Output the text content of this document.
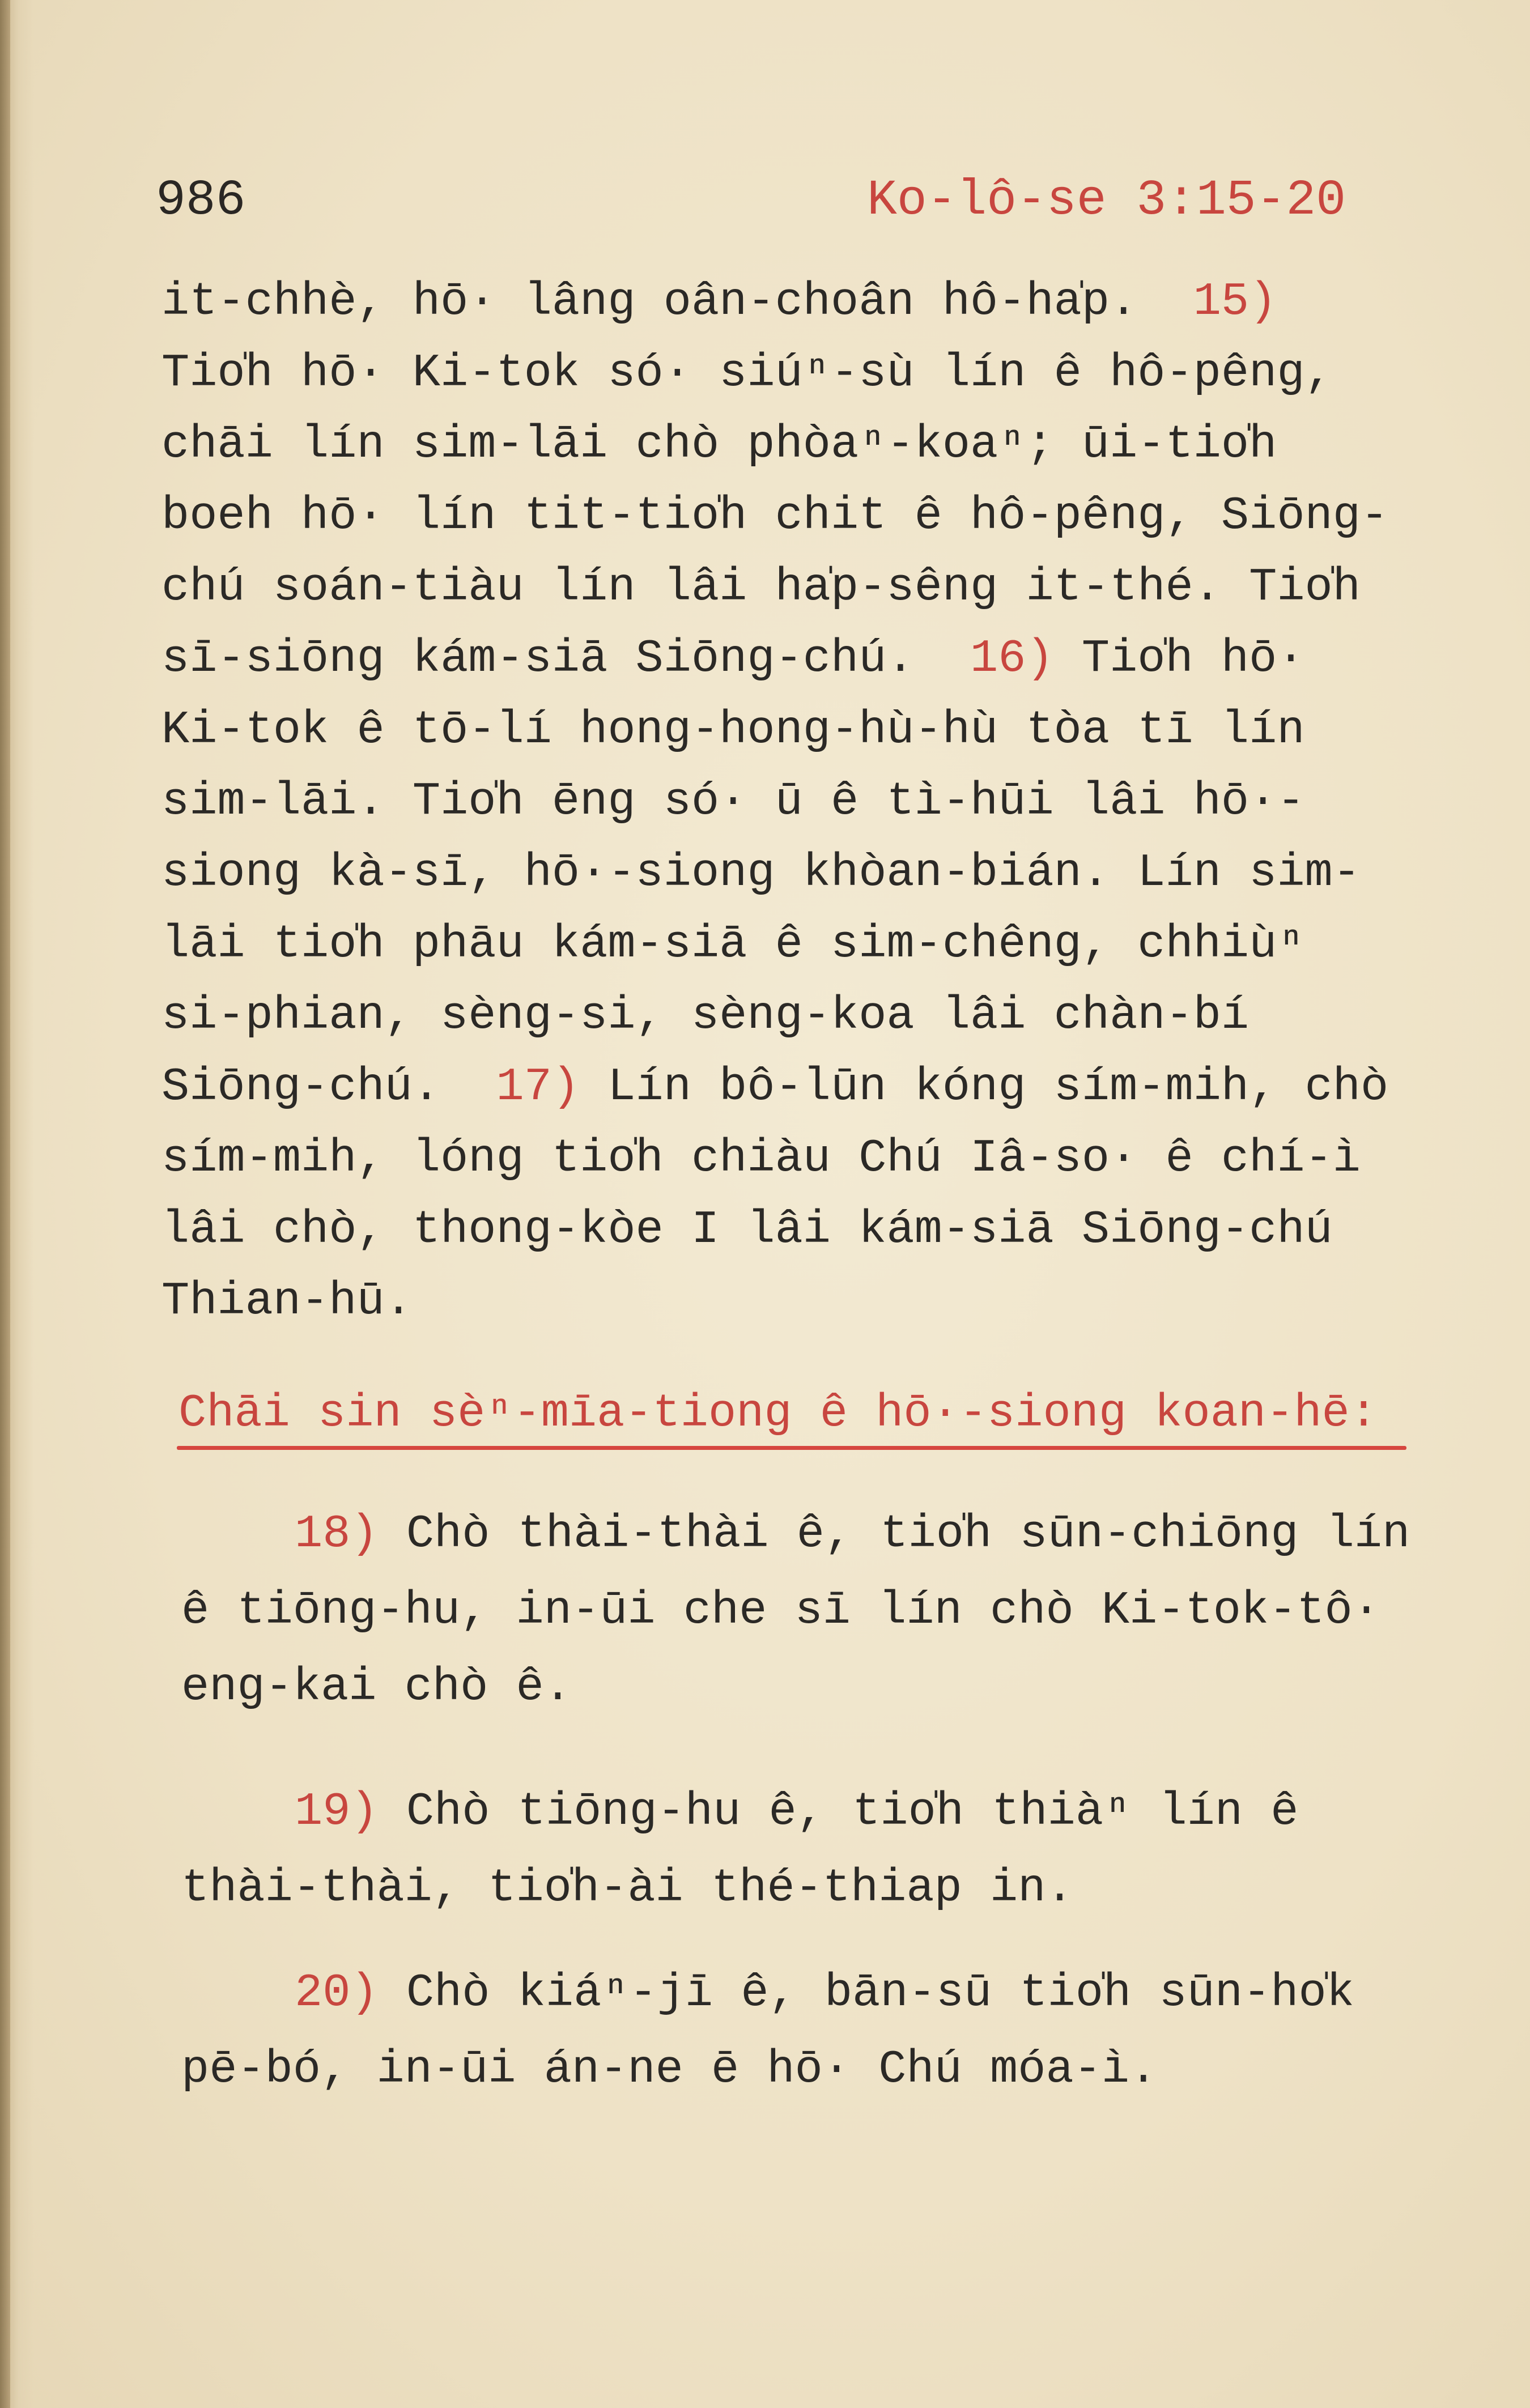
986	Ko-lô-se 3:15-20
it-chhè, hō· lâng oân-choân hô-ha̍p.  15)
Tio̍h hō· Ki-tok só· siúⁿ-sù lín ê hô-pêng,
chāi lín sim-lāi chò phòaⁿ-koaⁿ; ūi-tio̍h
boeh hō· lín tit-tio̍h chit ê hô-pêng, Siōng-
chú soán-tiàu lín lâi ha̍p-sêng it-thé. Tio̍h
sī-siōng kám-siā Siōng-chú.  16) Tio̍h hō·
Ki-tok ê tō-lí hong-hong-hù-hù tòa tī lín
sim-lāi. Tio̍h ēng só· ū ê tì-hūi lâi hō·-
siong kà-sī, hō·-siong khòan-bián. Lín sim-
lāi tio̍h phāu kám-siā ê sim-chêng, chhiùⁿ
si-phian, sèng-si, sèng-koa lâi chàn-bí
Siōng-chú.  17) Lín bô-lūn kóng sím-mih, chò
sím-mih, lóng tio̍h chiàu Chú Iâ-so· ê chí-ì
lâi chò, thong-kòe I lâi kám-siā Siōng-chú
Thian-hū.
Chāi sin sèⁿ-mīa-tiong ê hō·-siong koan-hē:
18) Chò thài-thài ê, tio̍h sūn-chiōng lín
ê tiōng-hu, in-ūi che sī lín chò Ki-tok-tô·
eng-kai chò ê.
19) Chò tiōng-hu ê, tio̍h thiàⁿ lín ê
thài-thài, tio̍h-ài thé-thiap in.
20) Chò kiáⁿ-jī ê, bān-sū tio̍h sūn-ho̍k
pē-bó, in-ūi án-ne ē hō· Chú móa-ì.
